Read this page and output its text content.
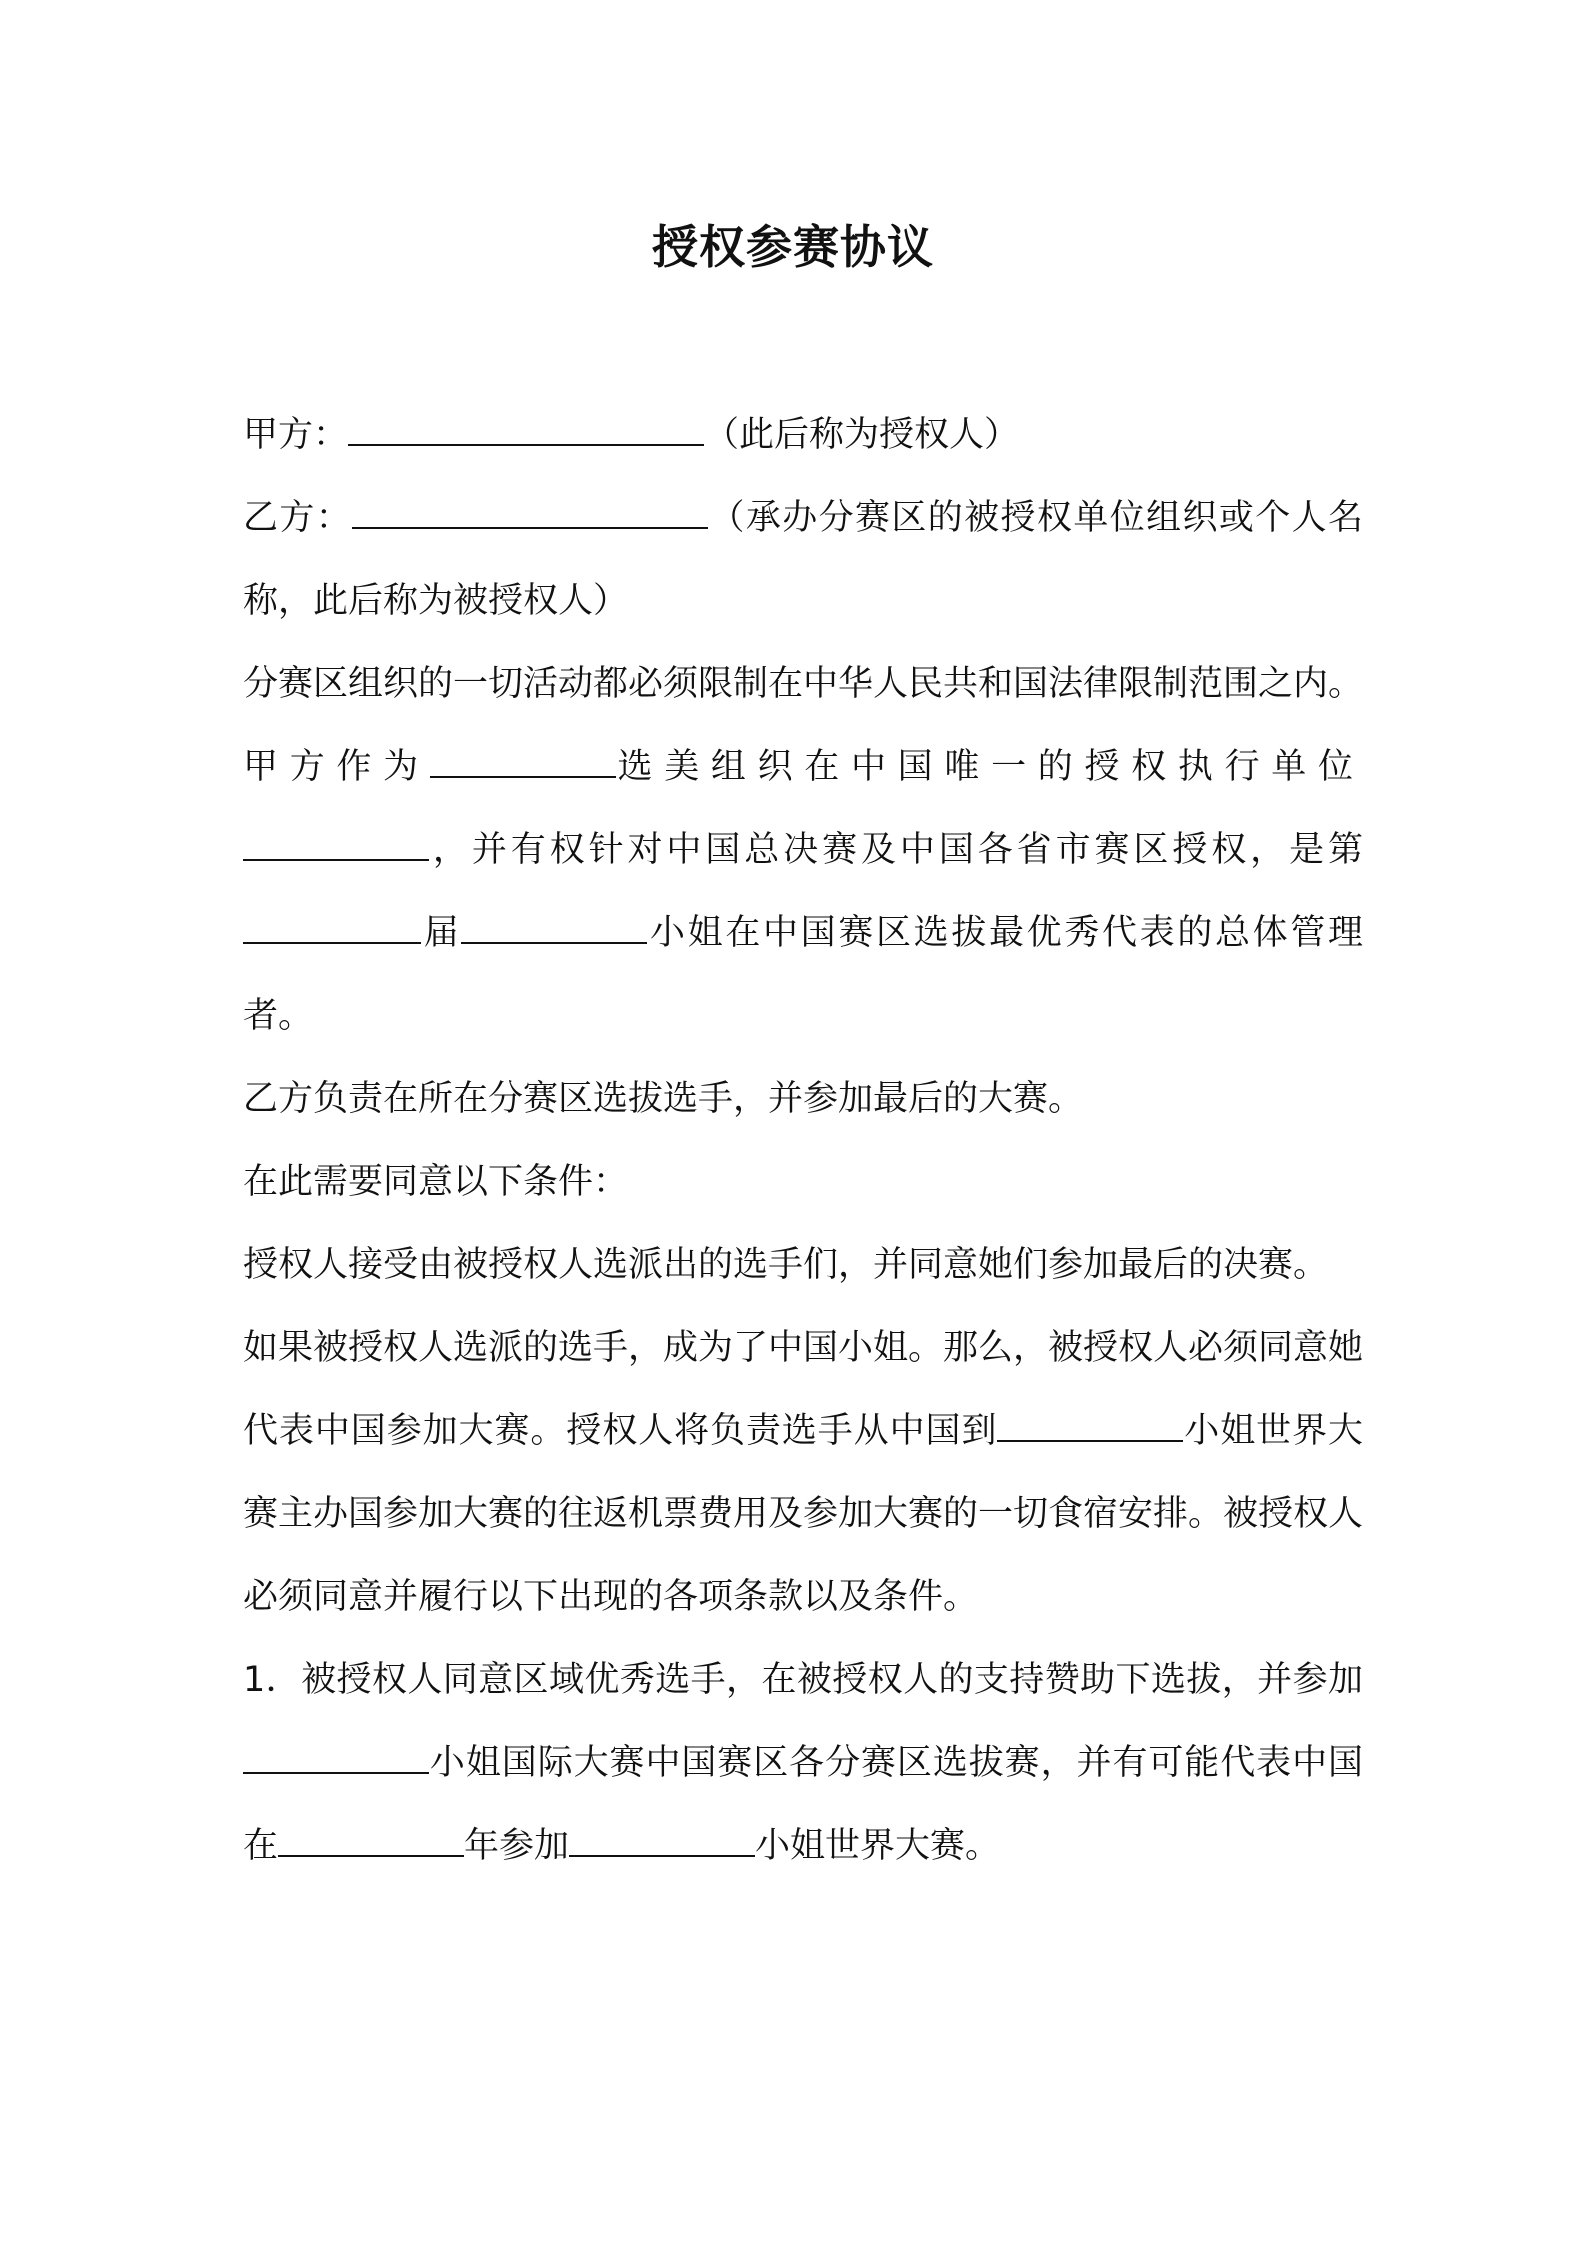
授权参赛协议

甲方：	（此后称为授权人）

乙方：	（承办分赛区的被授权单位组织或个人名称，此后称为被授权人）

分赛区组织的一切活动都必须限制在中华人民共和国法律限制范围之内。

甲方作为	选美组织在中国唯一的授权执行单位 ，并有权针对中国总决赛及中国各省市赛区授权，是第届	小姐在中国赛区选拔最优秀代表的总体管理者。

乙方负责在所在分赛区选拔选手，并参加最后的大赛。

在此需要同意以下条件：

授权人接受由被授权人选派出的选手们，并同意她们参加最后的决赛。

如果被授权人选派的选手，成为了中国小姐。那么，被授权人必须同意她代表中国参加大赛。授权人将负责选手从中国到	小姐世界大赛主办国参加大赛的往返机票费用及参加大赛的一切食宿安排。被授权人必须同意并履行以下出现的各项条款以及条件。

1．被授权人同意区域优秀选手，在被授权人的支持赞助下选拔，并参加小姐国际大赛中国赛区各分赛区选拔赛，并有可能代表中国在	年参加	小姐世界大赛。
